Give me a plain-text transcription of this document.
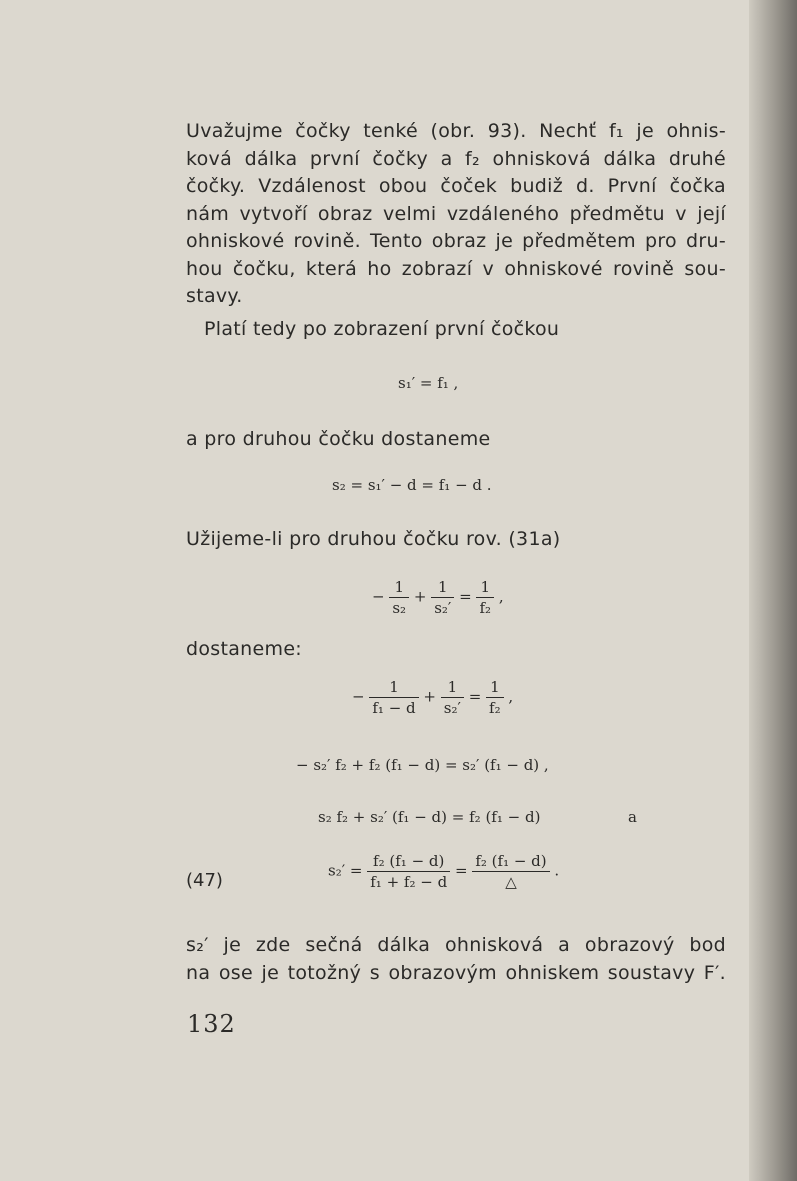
Uvažujme čočky tenké (obr. 93). Nechť f₁ je ohnis-
ková dálka první čočky a f₂ ohnisková dálka druhé
čočky. Vzdálenost obou čoček budiž d. První čočka
nám vytvoří obraz velmi vzdáleného předmětu v její
ohniskové rovině. Tento obraz je předmětem pro dru-
hou čočku, která ho zobrazí v ohniskové rovině sou-
stavy.
Platí tedy po zobrazení první čočkou
s₁′ = f₁ ,
a pro druhou čočku dostaneme
s₂ = s₁′ − d = f₁ − d .
Užijeme-li pro druhou čočku rov. (31a)
− $\frac{1}{\text{s₂}} + \frac{1}{\text{s₂′}} = \frac{1}{\text{f₂}}$ ,
dostaneme:
− $\frac{1}{\text{f₁ − d}} + \frac{1}{\text{s₂′}} = \frac{1}{\text{f₂}}$ ,
− s₂′ f₂ + f₂ (f₁ − d) = s₂′ (f₁ − d) ,
s₂ f₂ + s₂′ (f₁ − d) = f₂ (f₁ − d)	a
(47)	$s_2' = \frac{\text{f₂ (f₁ − d)}}{\text{f₁ + f₂ − d}} = \frac{\text{f₂ (f₁ − d)}}{\triangle}$ .
s₂′ je zde sečná dálka ohnisková a obrazový bod
na ose je totožný s obrazovým ohniskem soustavy F′.
132
